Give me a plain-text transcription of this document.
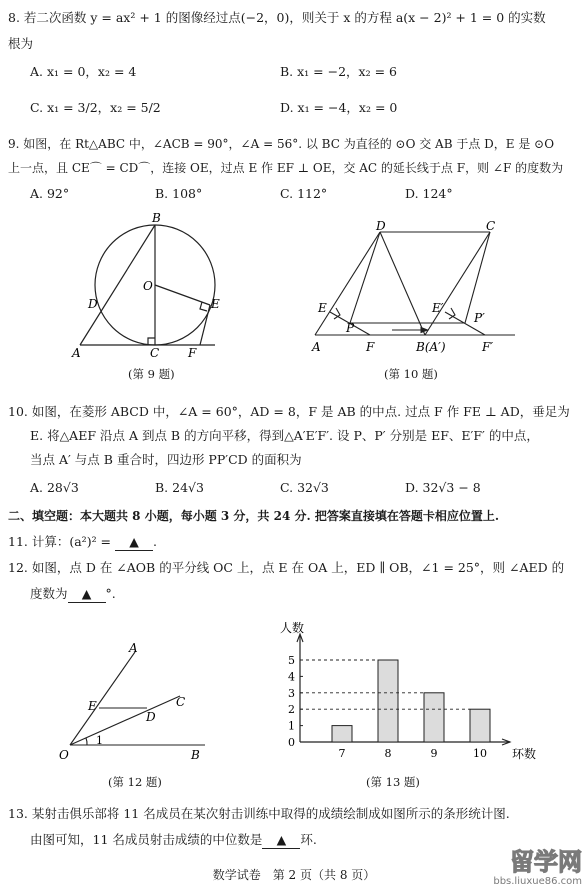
8. 若二次函数 y = ax² + 1 的图像经过点(−2，0)，则关于 x 的方程 a(x − 2)² + 1 = 0 的实数
根为
A. x₁ = 0，x₂ = 4	B. x₁ = −2，x₂ = 6
C. x₁ = 3/2，x₂ = 5/2	D. x₁ = −4，x₂ = 0
9. 如图，在 Rt△ABC 中，∠ACB = 90°，∠A = 56°. 以 BC 为直径的 ⊙O 交 AB 于点 D，E 是 ⊙O
上一点，且 CE⌒ = CD⌒，连接 OE，过点 E 作 EF ⊥ OE，交 AC 的延长线于点 F，则 ∠F 的度数为
A. 92°	B. 108°	C. 112°	D. 124°
B
O
D	E
A	C F
(第 9 题)
D	C
E
P
E′
P′
A	F	B(A′)	F′
(第 10 题)
10. 如图，在菱形 ABCD 中，∠A = 60°，AD = 8，F 是 AB 的中点. 过点 F 作 FE ⊥ AD，垂足为
E. 将△AEF 沿点 A 到点 B 的方向平移，得到△A′E′F′. 设 P、P′ 分别是 EF、E′F′ 的中点，
当点 A′ 与点 B 重合时，四边形 PP′CD 的面积为
A. 28√3	B. 24√3	C. 32√3	D. 32√3 − 8
二、填空题：本大题共 8 小题，每小题 3 分，共 24 分. 把答案直接填在答题卡相应位置上.
11. 计算：(a²)² = ▲ .
12. 如图，点 D 在 ∠AOB 的平分线 OC 上，点 E 在 OA 上，ED ∥ OB，∠1 = 25°，则 ∠AED 的
度数为 ▲ °.
A
E
D
C
O
1
B
(第 12 题)
人数
环数
0
1
2
3
4
5
7	8	9	10
(第 13 题)
13. 某射击俱乐部将 11 名成员在某次射击训练中取得的成绩绘制成如图所示的条形统计图.
由图可知，11 名成员射击成绩的中位数是 ▲ 环.
数学试卷　第 2 页（共 8 页）	留学网
bbs.liuxue86.com
